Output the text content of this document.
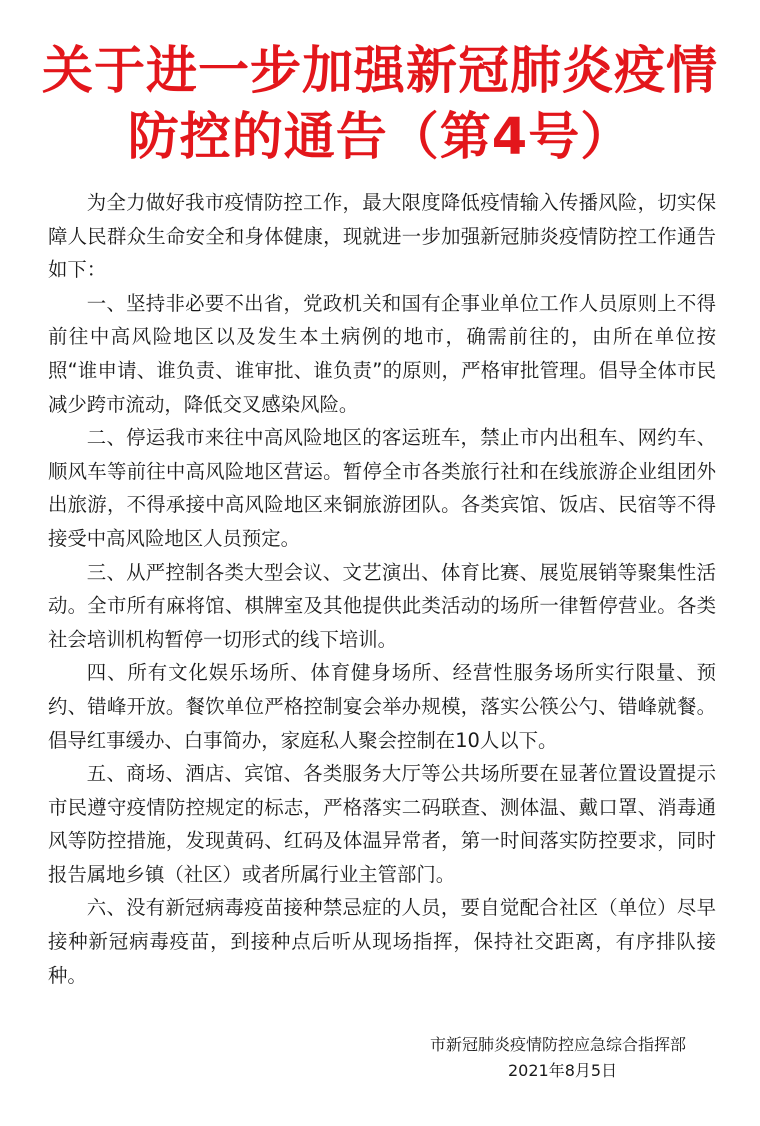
关于进一步加强新冠肺炎疫情
防控的通告（第4号）

为全力做好我市疫情防控工作，最大限度降低疫情输入传播风险，切实保障人民群众生命安全和身体健康，现就进一步加强新冠肺炎疫情防控工作通告如下：

一、坚持非必要不出省，党政机关和国有企事业单位工作人员原则上不得前往中高风险地区以及发生本土病例的地市，确需前往的，由所在单位按照“谁申请、谁负责、谁审批、谁负责”的原则，严格审批管理。倡导全体市民减少跨市流动，降低交叉感染风险。

二、停运我市来往中高风险地区的客运班车，禁止市内出租车、网约车、顺风车等前往中高风险地区营运。暂停全市各类旅行社和在线旅游企业组团外出旅游，不得承接中高风险地区来铜旅游团队。各类宾馆、饭店、民宿等不得接受中高风险地区人员预定。

三、从严控制各类大型会议、文艺演出、体育比赛、展览展销等聚集性活动。全市所有麻将馆、棋牌室及其他提供此类活动的场所一律暂停营业。各类社会培训机构暂停一切形式的线下培训。

四、所有文化娱乐场所、体育健身场所、经营性服务场所实行限量、预约、错峰开放。餐饮单位严格控制宴会举办规模，落实公筷公勺、错峰就餐。倡导红事缓办、白事简办，家庭私人聚会控制在10人以下。

五、商场、酒店、宾馆、各类服务大厅等公共场所要在显著位置设置提示市民遵守疫情防控规定的标志，严格落实二码联查、测体温、戴口罩、消毒通风等防控措施，发现黄码、红码及体温异常者，第一时间落实防控要求，同时报告属地乡镇（社区）或者所属行业主管部门。

六、没有新冠病毒疫苗接种禁忌症的人员，要自觉配合社区（单位）尽早接种新冠病毒疫苗，到接种点后听从现场指挥，保持社交距离，有序排队接种。

市新冠肺炎疫情防控应急综合指挥部
2021年8月5日
